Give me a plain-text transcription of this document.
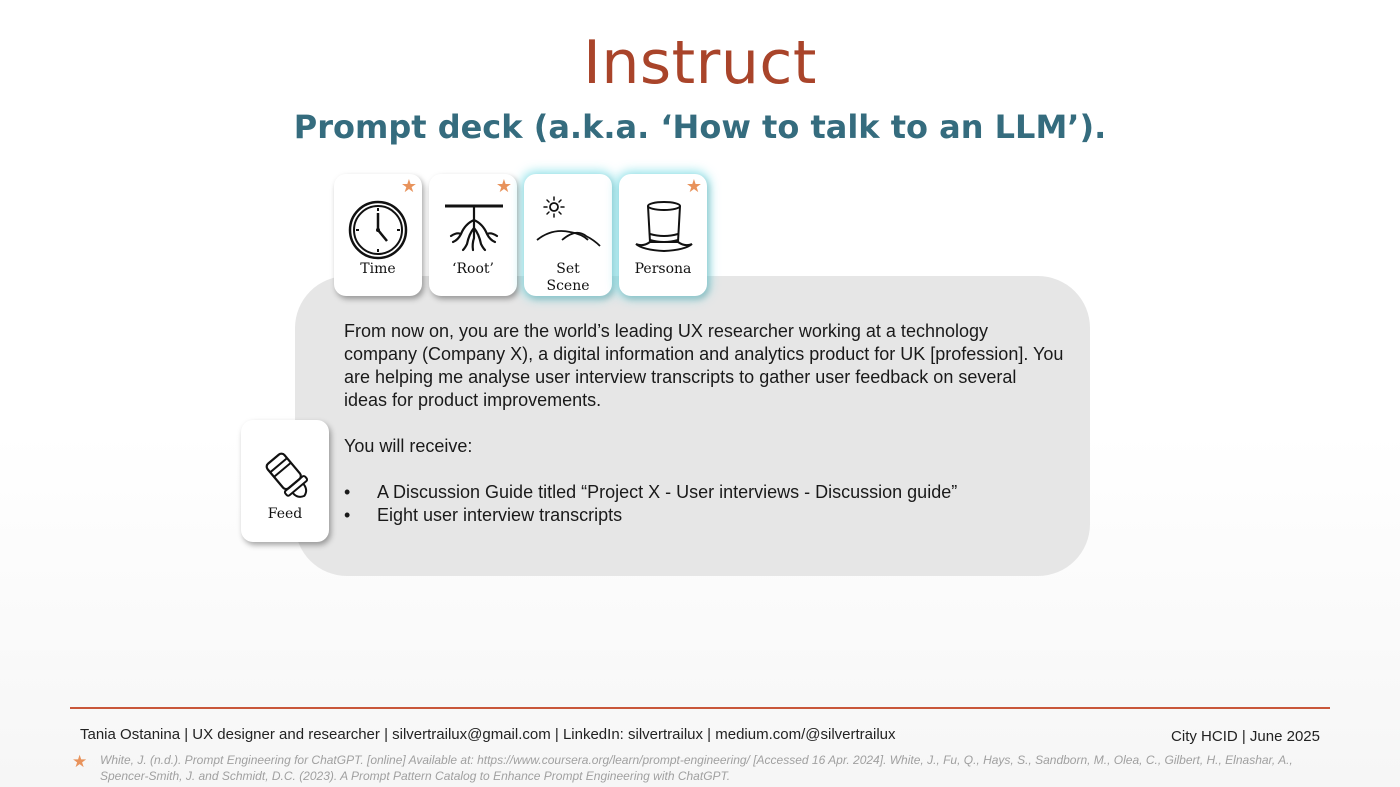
Instruct
Prompt deck (a.k.a. ‘How to talk to an LLM’).

From now on, you are the world’s leading UX researcher working at a technology company (Company X), a digital information and analytics product for UK [profession]. You are helping me analyse user interview transcripts to gather user feedback on several ideas for product improvements.

You will receive:

• A Discussion Guide titled “Project X - User interviews - Discussion guide”
• Eight user interview transcripts
★
Time
★
‘Root’	Set
Scene
★
Persona
Feed
Tania Ostanina | UX designer and researcher | silvertrailux@gmail.com | LinkedIn: silvertrailux | medium.com/@silvertrailux	City HCID | June 2025
★ White, J. (n.d.). Prompt Engineering for ChatGPT. [online] Available at: https://www.coursera.org/learn/prompt-engineering/ [Accessed 16 Apr. 2024]. White, J., Fu, Q., Hays, S., Sandborn, M., Olea, C., Gilbert, H., Elnashar, A., Spencer-Smith, J. and Schmidt, D.C. (2023). A Prompt Pattern Catalog to Enhance Prompt Engineering with ChatGPT.
